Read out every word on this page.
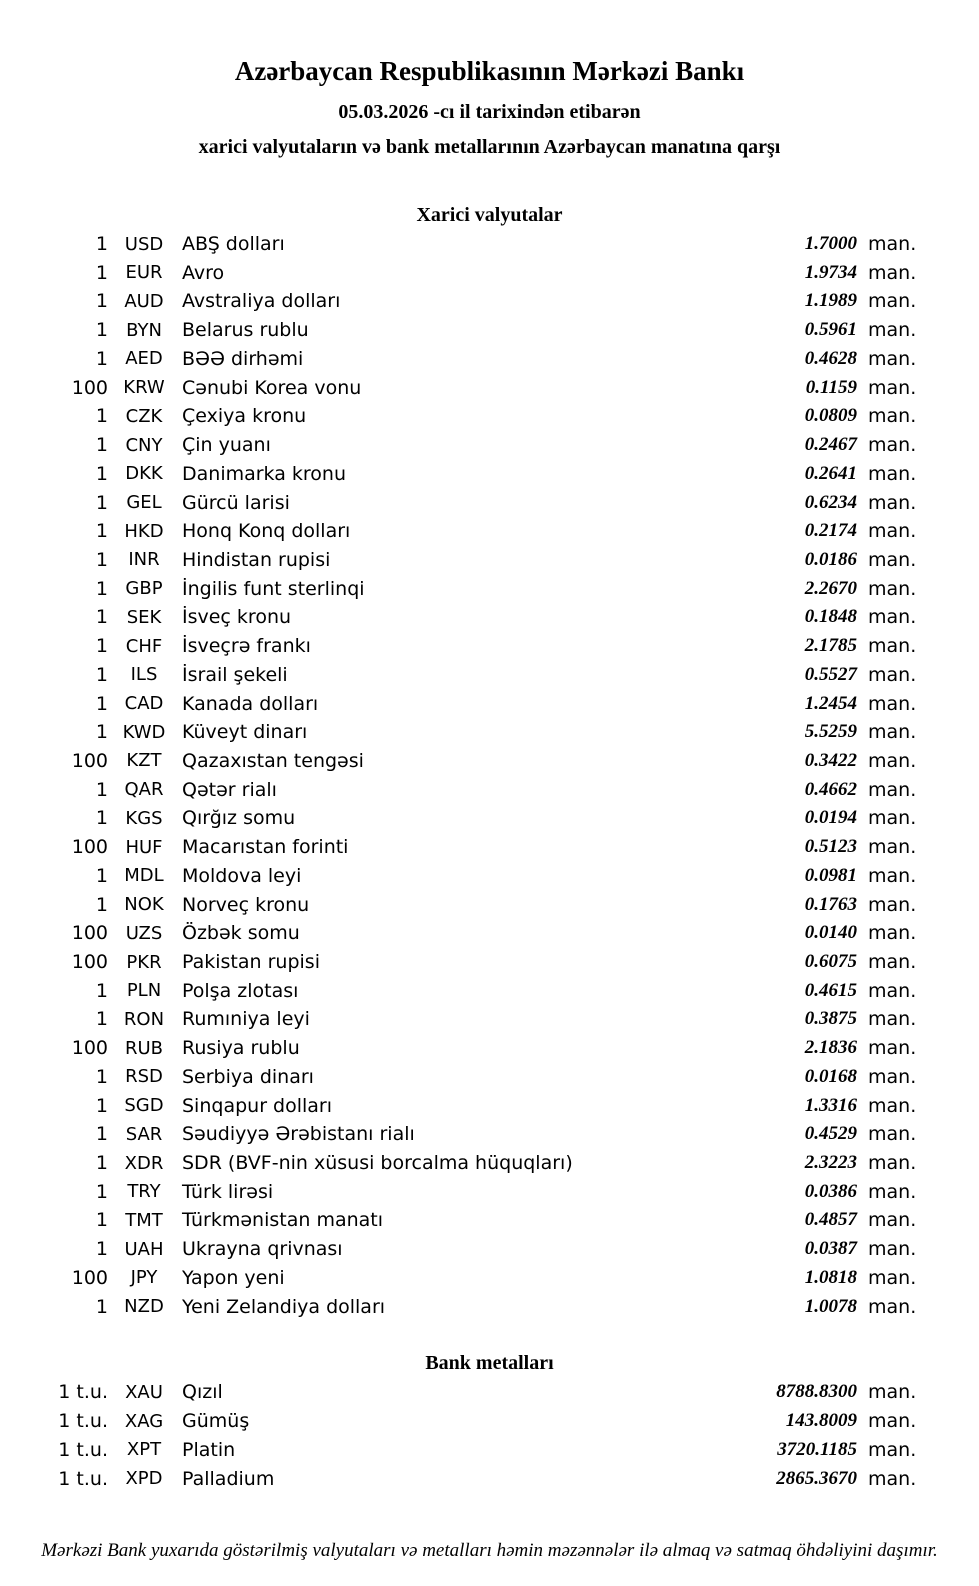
Azərbaycan Respublikasının Mərkəzi Bankı
05.03.2026 -cı il tarixindən etibarən
xarici valyutaların və bank metallarının Azərbaycan manatına qarşı
Xarici valyutalar
1 USD ABŞ dolları	1.7000 man.
1 EUR	Avro	1.9734 man.
1 AUD Avstraliya dolları	1.1989 man.
1	BYN	Belarus rublu	0.5961 man.
1 AED	BƏƏ dirhəmi	0.4628 man.
100 KRW Cənubi Korea vonu	0.1159 man.
1 CZK	Çexiya kronu	0.0809 man.
1 CNY	Çin yuanı	0.2467 man.
1 DKK	Danimarka kronu	0.2641 man.
1	GEL	Gürcü larisi	0.6234 man.
1 HKD Honq Konq dolları	0.2174 man.
1	INR	Hindistan rupisi	0.0186 man.
1 GBP	İngilis funt sterlinqi	2.2670 man.
1	SEK	İsveç kronu	0.1848 man.
1 CHF	İsveçrə frankı	2.1785 man.
1	ILS	İsrail şekeli	0.5527 man.
1 CAD Kanada dolları	1.2454 man.
1 KWD Küveyt dinarı	5.5259 man.
100	KZT	Qazaxıstan tengəsi	0.3422 man.
1 QAR Qətər rialı	0.4662 man.
1 KGS	Qırğız somu	0.0194 man.
100 HUF	Macarıstan forinti	0.5123 man.
1 MDL Moldova leyi	0.0981 man.
1 NOK Norveç kronu	0.1763 man.
100 UZS	Özbək somu	0.0140 man.
100	PKR	Pakistan rupisi	0.6075 man.
1	PLN	Polşa zlotası	0.4615 man.
1 RON Rumıniya leyi	0.3875 man.
100 RUB Rusiya rublu	2.1836 man.
1 RSD	Serbiya dinarı	0.0168 man.
1 SGD Sinqapur dolları	1.3316 man.
1 SAR	Səudiyyə Ərəbistanı rialı	0.4529 man.
1 XDR SDR (BVF-nin xüsusi borcalma hüquqları)	2.3223 man.
1	TRY	Türk lirəsi	0.0386 man.
1 TMT	Türkmənistan manatı	0.4857 man.
1 UAH Ukrayna qrivnası	0.0387 man.
100	JPY	Yapon yeni	1.0818 man.
1 NZD Yeni Zelandiya dolları	1.0078 man.
Bank metalları
1 t.u. XAU	Qızıl	8788.8300 man.
1 t.u. XAG Gümüş	143.8009 man.
1 t.u.	XPT	Platin	3720.1185 man.
1 t.u. XPD	Palladium	2865.3670 man.
Mərkəzi Bank yuxarıda göstərilmiş valyutaları və metalları həmin məzənnələr ilə almaq və satmaq öhdəliyini daşımır.
